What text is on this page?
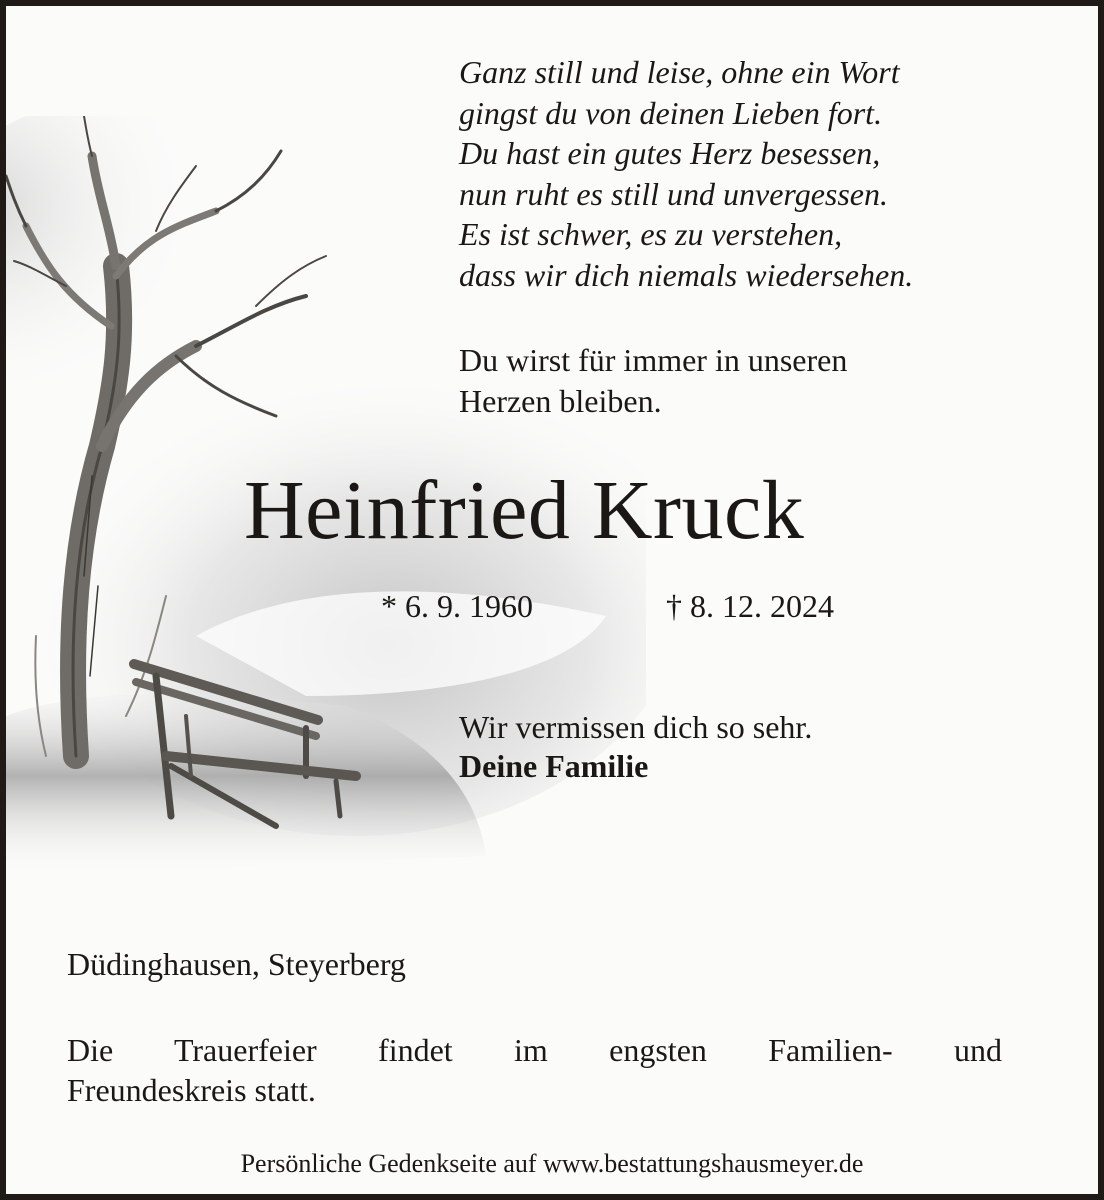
Ganz still und leise, ohne ein Wort
gingst du von deinen Lieben fort.
Du hast ein gutes Herz besessen,
nun ruht es still und unvergessen.
Es ist schwer, es zu verstehen,
dass wir dich niemals wiedersehen.

Du wirst für immer in unseren
Herzen bleiben.

Heinfried Kruck
* 6. 9. 1960	† 8. 12. 2024
Wir vermissen dich so sehr.
Deine Familie
Düdinghausen, Steyerberg

Die Trauerfeier findet im engsten Familien- und
Freundeskreis statt.

Persönliche Gedenkseite auf www.bestattungshausmeyer.de
